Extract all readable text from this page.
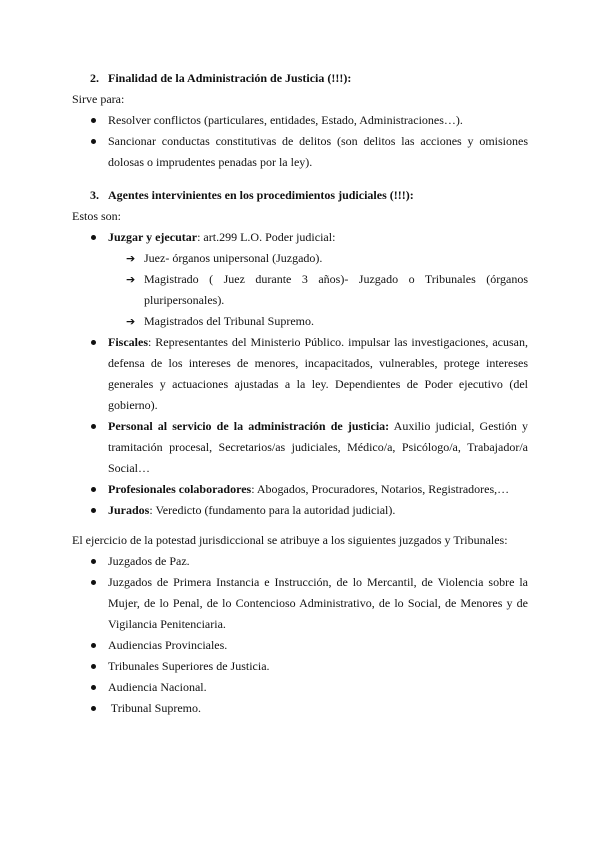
2. Finalidad de la Administración de Justicia (!!!):

Sirve para:

Resolver conflictos (particulares, entidades, Estado, Administraciones…).
Sancionar conductas constitutivas de delitos (son delitos las acciones y omisiones dolosas o imprudentes penadas por la ley).
3. Agentes intervinientes en los procedimientos judiciales (!!!):

Estos son:

Juzgar y ejecutar: art.299 L.O. Poder judicial:
➔ Juez- órganos unipersonal (Juzgado).
➔ Magistrado ( Juez durante 3 años)- Juzgado o Tribunales (órganos pluripersonales).
➔ Magistrados del Tribunal Supremo.
Fiscales: Representantes del Ministerio Público. impulsar las investigaciones, acusan, defensa de los intereses de menores, incapacitados, vulnerables, protege intereses generales y actuaciones ajustadas a la ley. Dependientes de Poder ejecutivo (del gobierno).
Personal al servicio de la administración de justicia: Auxilio judicial, Gestión y tramitación procesal, Secretarios/as judiciales, Médico/a, Psicólogo/a, Trabajador/a Social…
Profesionales colaboradores: Abogados, Procuradores, Notarios, Registradores,…
Jurados: Veredicto (fundamento para la autoridad judicial).

El ejercicio de la potestad jurisdiccional se atribuye a los siguientes juzgados y Tribunales:

Juzgados de Paz.
Juzgados de Primera Instancia e Instrucción, de lo Mercantil, de Violencia sobre la Mujer, de lo Penal, de lo Contencioso Administrativo, de lo Social, de Menores y de Vigilancia Penitenciaria.
Audiencias Provinciales.
Tribunales Superiores de Justicia.
Audiencia Nacional.
Tribunal Supremo.
